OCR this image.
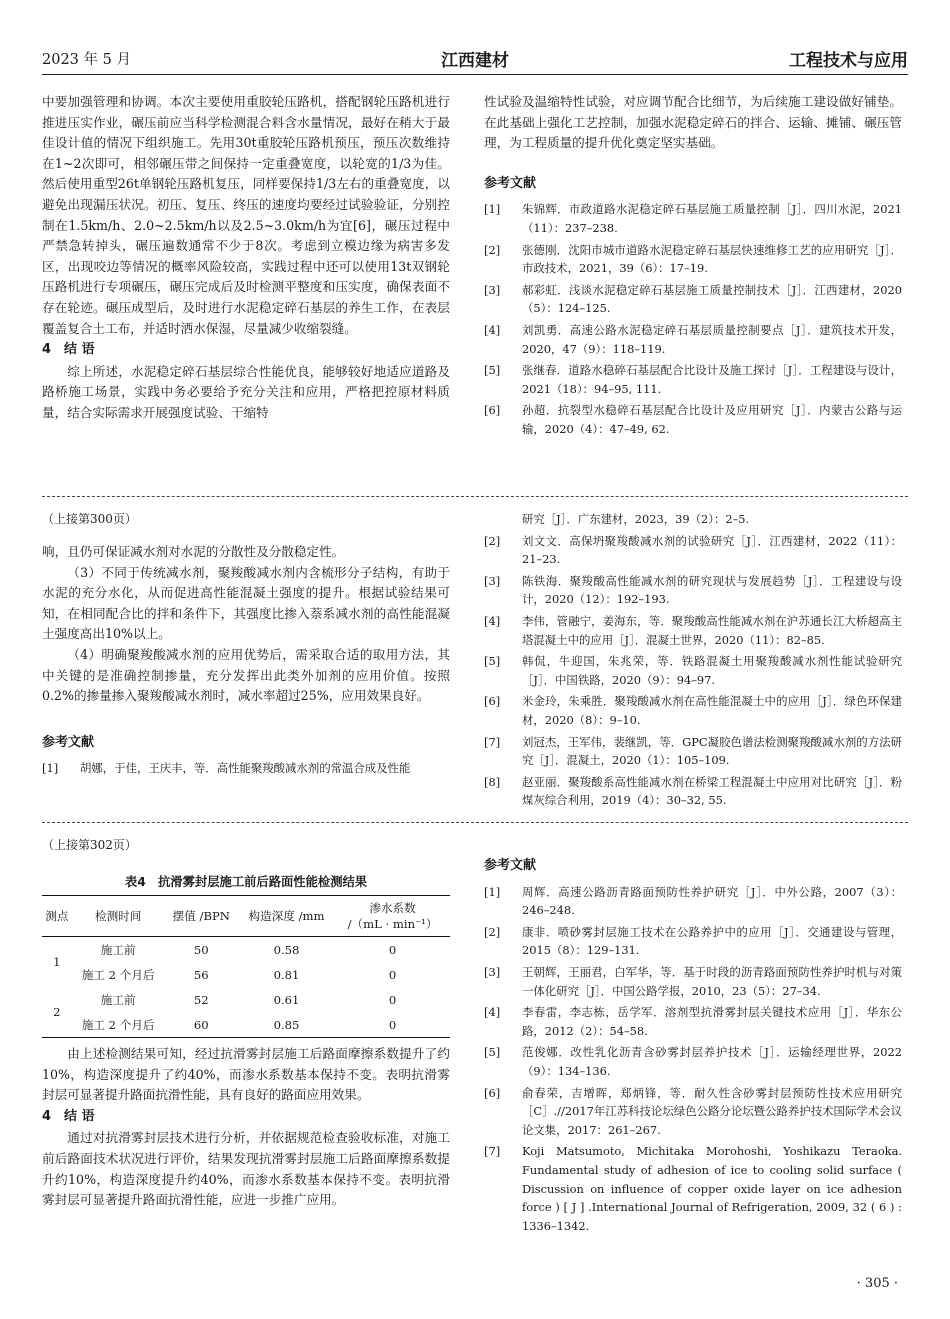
2023 年 5 月	江西建材	工程技术与应用

中要加强管理和协调。本次主要使用重胶轮压路机，搭配钢轮压路机进行推进压实作业，碾压前应当科学检测混合料含水量情况，最好在稍大于最佳设计值的情况下组织施工。先用30t重胶轮压路机预压，预压次数维持在1~2次即可，相邻碾压带之间保持一定重叠宽度，以轮宽的1/3为佳。然后使用重型26t单钢轮压路机复压，同样要保持1/3左右的重叠宽度，以避免出现漏压状况。初压、复压、终压的速度均要经过试验验证，分别控制在1.5km/h、2.0~2.5km/h以及2.5~3.0km/h为宜[6]，碾压过程中严禁急转掉头，碾压遍数通常不少于8次。考虑到立模边缘为病害多发区，出现咬边等情况的概率风险较高，实践过程中还可以使用13t双钢轮压路机进行专项碾压，碾压完成后及时检测平整度和压实度，确保表面不存在轮迹。碾压成型后，及时进行水泥稳定碎石基层的养生工作，在表层覆盖复合土工布，并适时洒水保湿，尽量减少收缩裂缝。

4　结 语

综上所述，水泥稳定碎石基层综合性能优良，能够较好地适应道路及路桥施工场景，实践中务必要给予充分关注和应用，严格把控原材料质量，结合实际需求开展强度试验、干缩特

性试验及温缩特性试验，对应调节配合比细节，为后续施工建设做好铺垫。在此基础上强化工艺控制，加强水泥稳定碎石的拌合、运输、摊铺、碾压管理，为工程质量的提升优化奠定坚实基础。

参考文献

[1] 朱锦辉．市政道路水泥稳定碎石基层施工质量控制［J］．四川水泥，2021（11）：237–238.
[2] 张德刚．沈阳市城市道路水泥稳定碎石基层快速维修工艺的应用研究［J］．市政技术，2021，39（6）：17–19.
[3] 郝彩虹．浅谈水泥稳定碎石基层施工质量控制技术［J］．江西建材，2020（5）：124–125.
[4] 刘凯勇．高速公路水泥稳定碎石基层质量控制要点［J］．建筑技术开发，2020，47（9）：118–119.
[5] 张继春．道路水稳碎石基层配合比设计及施工探讨［J］．工程建设与设计，2021（18）：94–95, 111.
[6] 孙超．抗裂型水稳碎石基层配合比设计及应用研究［J］．内蒙古公路与运输，2020（4）：47–49, 62.
（上接第300页）

响，且仍可保证减水剂对水泥的分散性及分散稳定性。

（3）不同于传统减水剂，聚羧酸减水剂内含梳形分子结构，有助于水泥的充分水化，从而促进高性能混凝土强度的提升。根据试验结果可知，在相同配合比的拌和条件下，其强度比掺入萘系减水剂的高性能混凝土强度高出10%以上。

（4）明确聚羧酸减水剂的应用优势后，需采取合适的取用方法，其中关键的是准确控制掺量，充分发挥出此类外加剂的应用价值。按照0.2%的掺量掺入聚羧酸减水剂时，减水率超过25%，应用效果良好。

参考文献

[1] 胡娜，于佳，王庆丰，等．高性能聚羧酸减水剂的常温合成及性能
研究［J］．广东建材，2023，39（2）：2–5.
[2] 刘文文．高保坍聚羧酸减水剂的试验研究［J］．江西建材，2022（11）：21–23.
[3] 陈铁海．聚羧酸高性能减水剂的研究现状与发展趋势［J］．工程建设与设计，2020（12）：192–193.
[4] 李伟，管融宁，姜海东，等．聚羧酸高性能减水剂在沪苏通长江大桥超高主塔混凝土中的应用［J］．混凝土世界，2020（11）：82–85.
[5] 韩侃，牛迎国，朱兆荣，等．铁路混凝土用聚羧酸减水剂性能试验研究［J］．中国铁路，2020（9）：94–97.
[6] 米金玲，朱乘胜．聚羧酸减水剂在高性能混凝土中的应用［J］．绿色环保建材，2020（8）：9–10.
[7] 刘冠杰，王军伟，裴继凯，等．GPC凝胶色谱法检测聚羧酸减水剂的方法研究［J］．混凝土，2020（1）：105–109.
[8] 赵亚丽．聚羧酸系高性能减水剂在桥梁工程混凝土中应用对比研究［J］．粉煤灰综合利用，2019（4）：30–32, 55.
（上接第302页）

表4　抗滑雾封层施工前后路面性能检测结果

测点	检测时间	摆值 /BPN	构造深度 /mm	渗水系数
/（mL · min⁻¹）

1	施工前	50	0.58	0
	施工 2 个月后	56	0.81	0
2	施工前	52	0.61	0
	施工 2 个月后	60	0.85	0

由上述检测结果可知，经过抗滑雾封层施工后路面摩擦系数提升了约10%，构造深度提升了约40%，而渗水系数基本保持不变。表明抗滑雾封层可显著提升路面抗滑性能，具有良好的路面应用效果。

4　结 语

通过对抗滑雾封层技术进行分析，并依据规范检查验收标准，对施工前后路面技术状况进行评价，结果发现抗滑雾封层施工后路面摩擦系数提升约10%，构造深度提升约40%，而渗水系数基本保持不变。表明抗滑雾封层可显著提升路面抗滑性能，应进一步推广应用。

参考文献

[1] 周辉．高速公路沥青路面预防性养护研究［J］．中外公路，2007（3）：246–248.
[2] 康非．喷砂雾封层施工技术在公路养护中的应用［J］．交通建设与管理，2015（8）：129–131.
[3] 王朝辉，王丽君，白军华，等．基于时段的沥青路面预防性养护时机与对策一体化研究［J］．中国公路学报，2010，23（5）：27–34.
[4] 李春雷，李志栋，岳学军．溶剂型抗滑雾封层关键技术应用［J］．华东公路，2012（2）：54–58.
[5] 范俊娜．改性乳化沥青含砂雾封层养护技术［J］．运输经理世界，2022（9）：134–136.
[6] 俞春荣，吉增晖，郑炳锋，等．耐久性含砂雾封层预防性技术应用研究［C］.//2017年江苏科技论坛绿色公路分论坛暨公路养护技术国际学术会议论文集，2017：261–267.
[7] Koji Matsumoto, Michitaka Morohoshi, Yoshikazu Teraoka. Fundamental study of adhesion of ice to cooling solid surface ( Discussion on influence of copper oxide layer on ice adhesion force ) [ J ] .International Journal of Refrigeration, 2009, 32 ( 6 ) : 1336–1342.
· 305 ·
